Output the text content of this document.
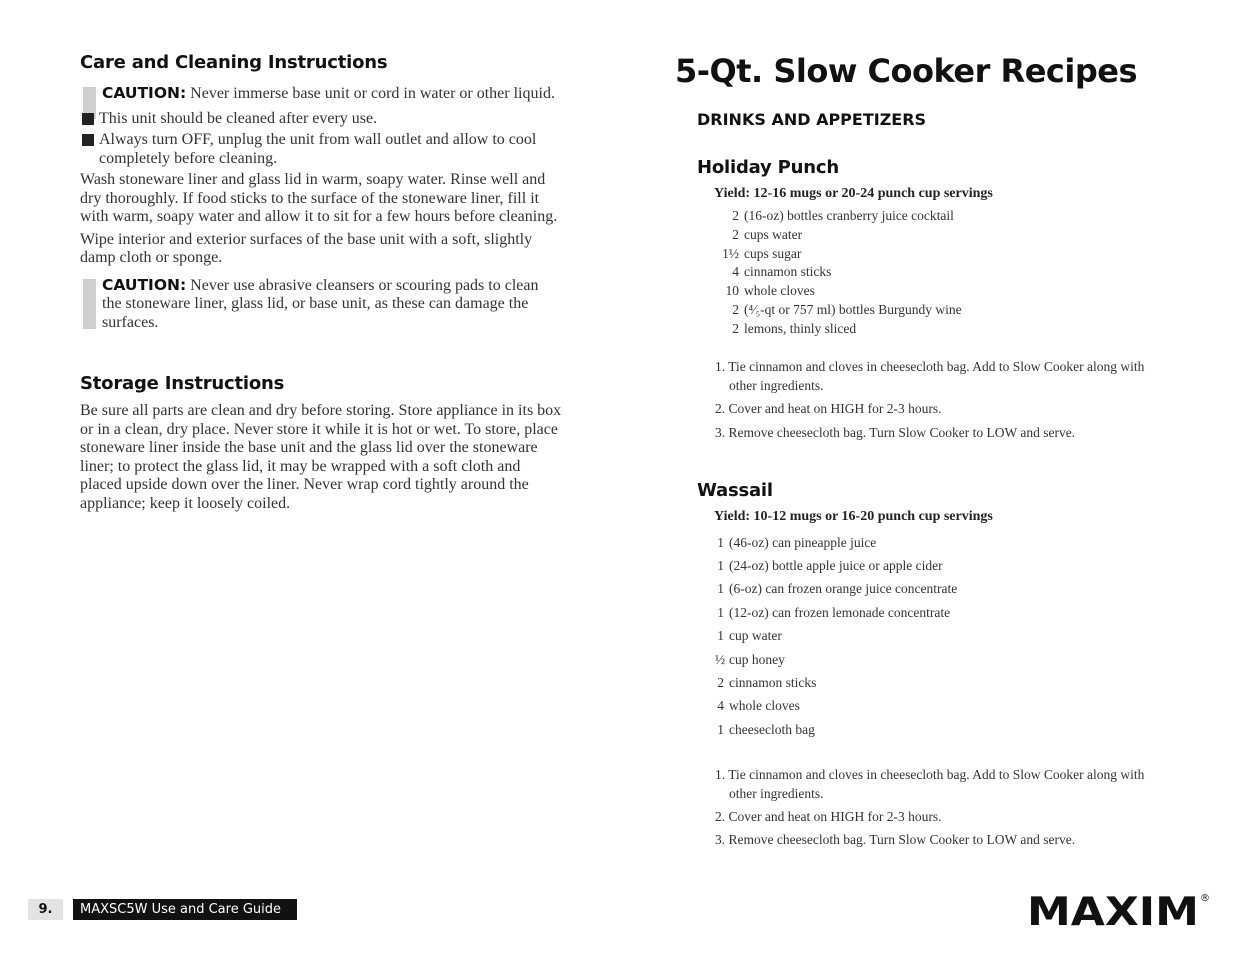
Care and Cleaning Instructions

CAUTION: Never immerse base unit or cord in water or other liquid.

This unit should be cleaned after every use.

Always turn OFF, unplug the unit from wall outlet and allow to cool completely before cleaning.

Wash stoneware liner and glass lid in warm, soapy water. Rinse well and dry thoroughly. If food sticks to the surface of the stoneware liner, fill it with warm, soapy water and allow it to sit for a few hours before cleaning.

Wipe interior and exterior surfaces of the base unit with a soft, slightly damp cloth or sponge.

CAUTION: Never use abrasive cleansers or scouring pads to clean the stoneware liner, glass lid, or base unit, as these can damage the surfaces.

Storage Instructions

Be sure all parts are clean and dry before storing. Store appliance in its box or in a clean, dry place. Never store it while it is hot or wet. To store, place stoneware liner inside the base unit and the glass lid over the stoneware liner; to protect the glass lid, it may be wrapped with a soft cloth and placed upside down over the liner. Never wrap cord tightly around the appliance; keep it loosely coiled.

5-Qt. Slow Cooker Recipes
DRINKS AND APPETIZERS
Holiday Punch
Yield: 12-16 mugs or 20-24 punch cup servings
2 (16-oz) bottles cranberry juice cocktail
2 cups water
1½ cups sugar
4 cinnamon sticks
10 whole cloves
2 (⁴⁄₅-qt or 757 ml) bottles Burgundy wine
2 lemons, thinly sliced
1. Tie cinnamon and cloves in cheesecloth bag. Add to Slow Cooker along with other ingredients.
2. Cover and heat on HIGH for 2-3 hours.
3. Remove cheesecloth bag. Turn Slow Cooker to LOW and serve.
Wassail
Yield: 10-12 mugs or 16-20 punch cup servings
1 (46-oz) can pineapple juice
1 (24-oz) bottle apple juice or apple cider
1 (6-oz) can frozen orange juice concentrate
1 (12-oz) can frozen lemonade concentrate
1 cup water
½ cup honey
2 cinnamon sticks
4 whole cloves
1 cheesecloth bag
1. Tie cinnamon and cloves in cheesecloth bag. Add to Slow Cooker along with other ingredients.
2. Cover and heat on HIGH for 2-3 hours.
3. Remove cheesecloth bag. Turn Slow Cooker to LOW and serve.
9.	MAXSC5W Use and Care Guide	MAXIM ®
